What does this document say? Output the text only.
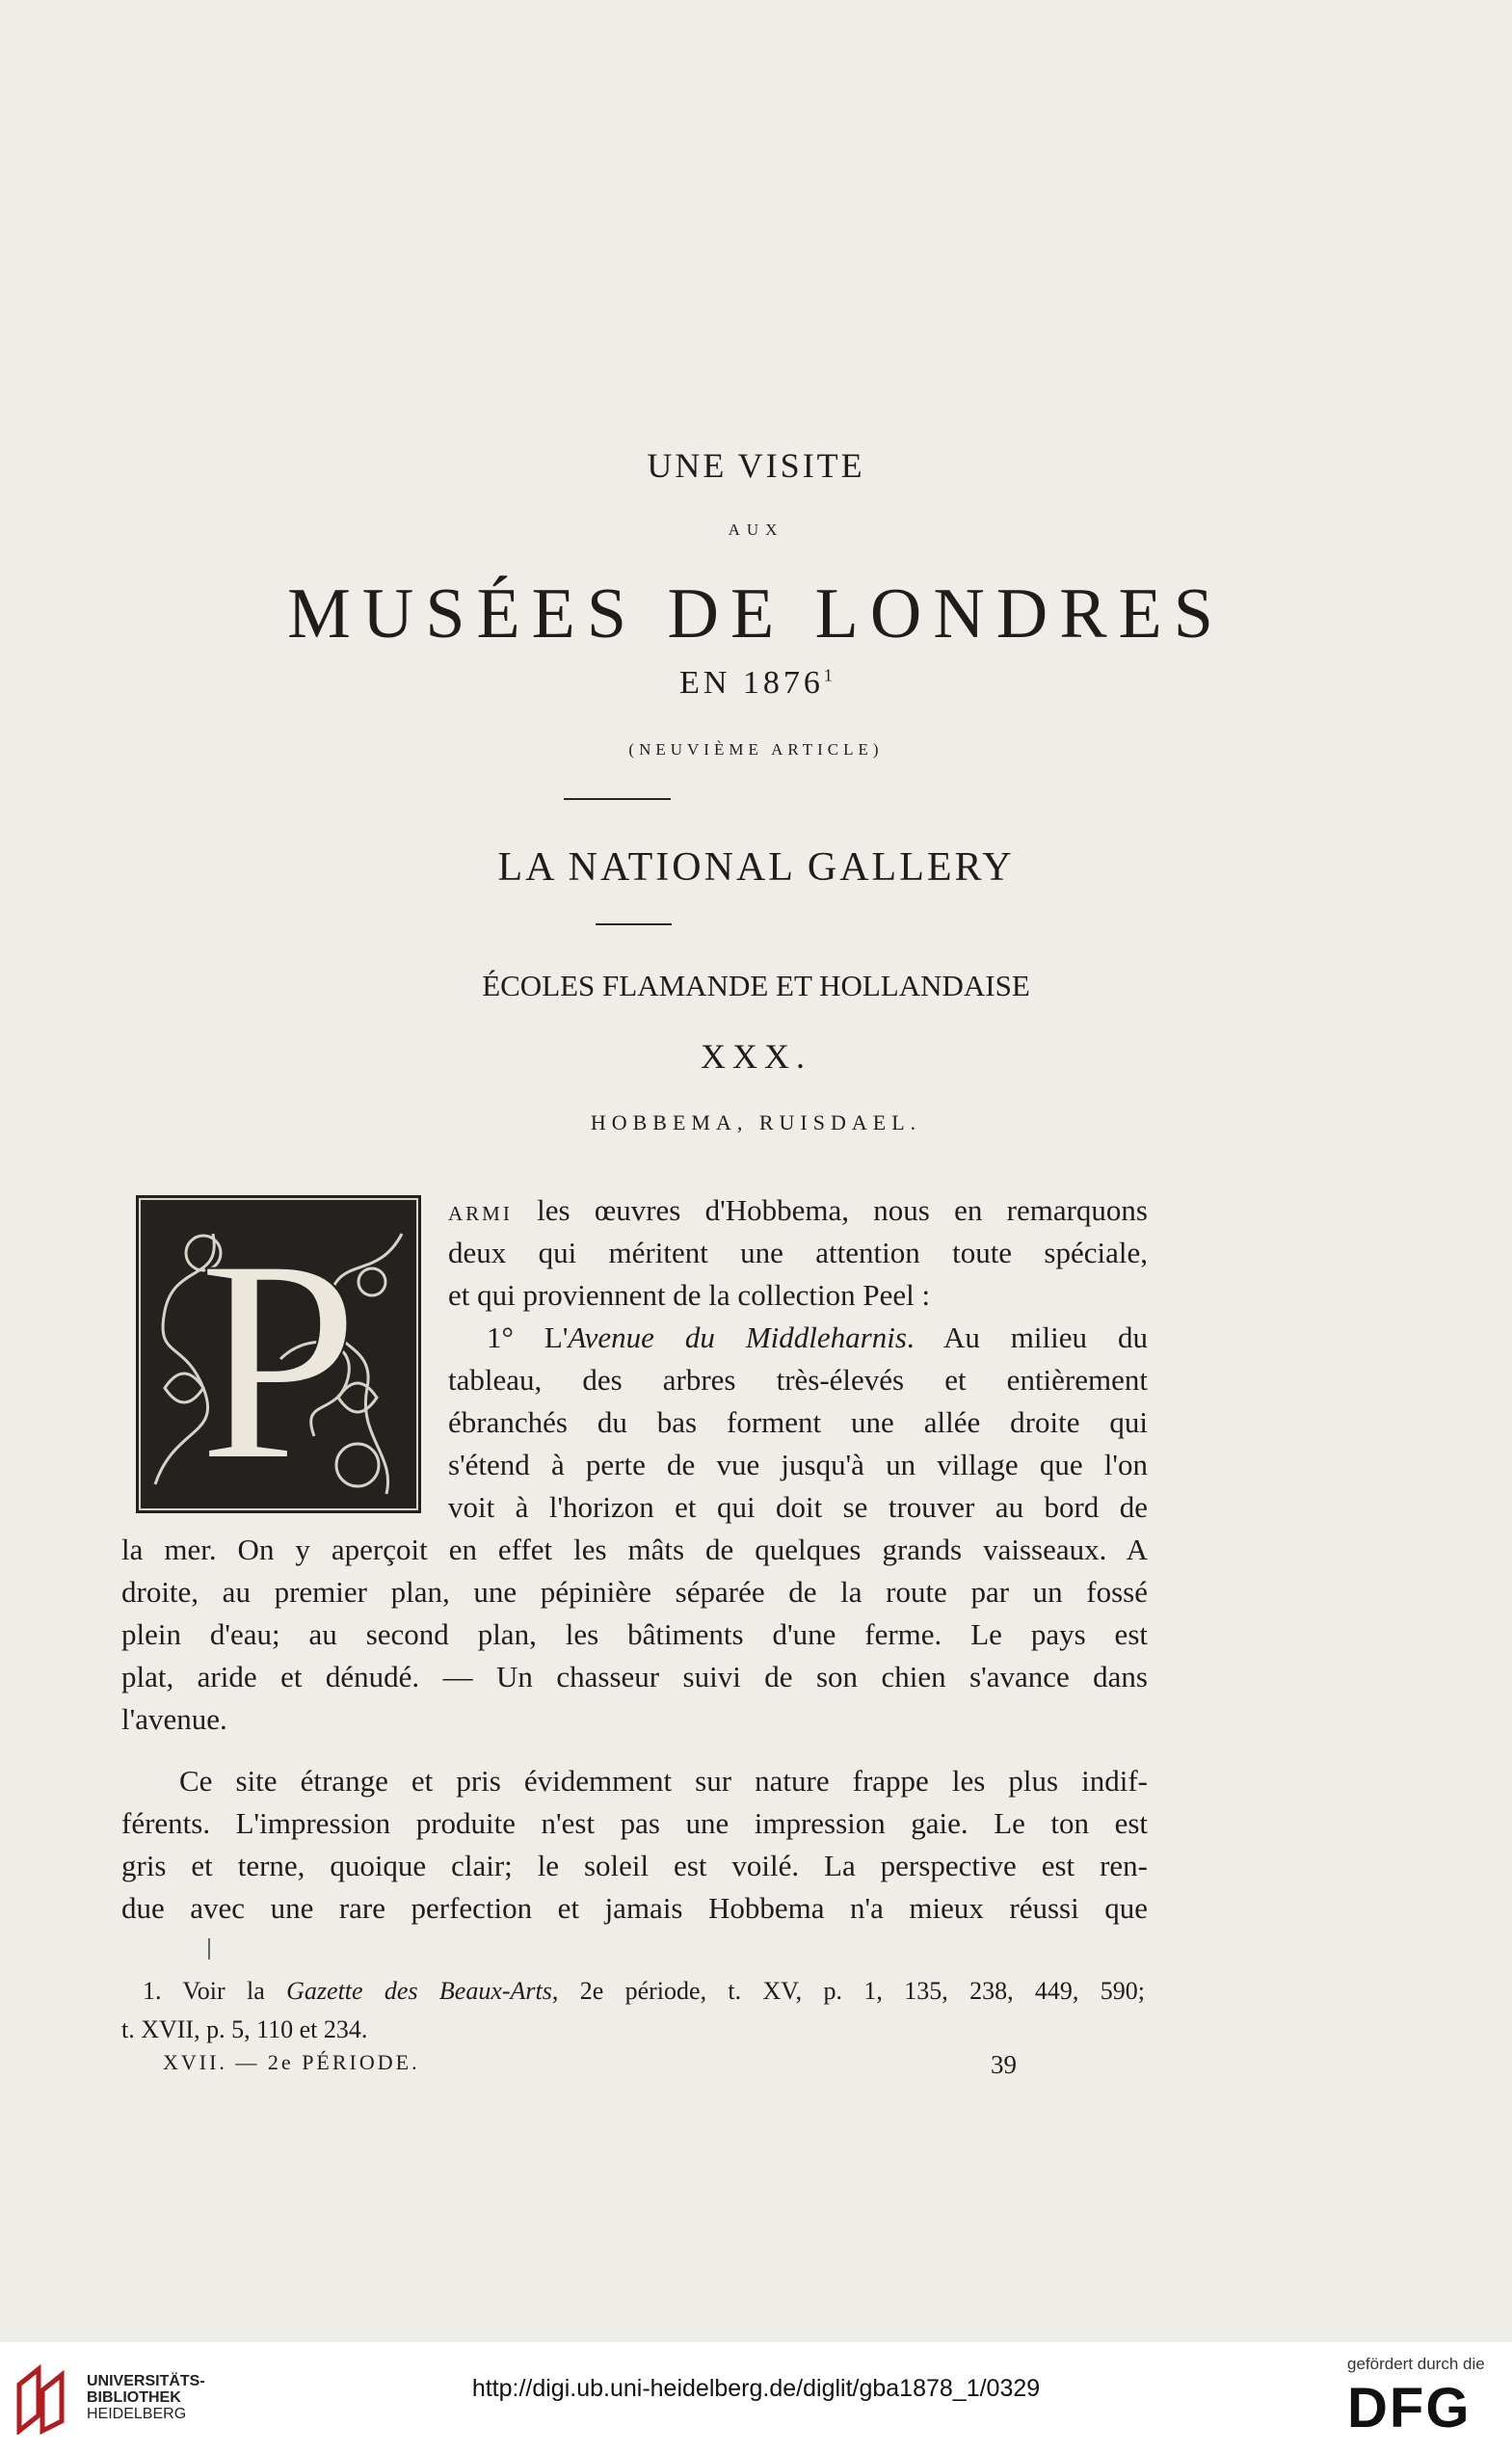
UNE VISITE
AUX
MUSÉES DE LONDRES
EN 1876$^1$
(NEUVIÈME ARTICLE)
LA NATIONAL GALLERY
ÉCOLES FLAMANDE ET HOLLANDAISE
XXX.
HOBBEMA, RUISDAEL.
P	ARMI les œuvres d'Hobbema, nous en remarquons
deux qui méritent une attention toute spéciale,
et qui proviennent de la collection Peel :
1° L'Avenue du Middleharnis. Au milieu du
tableau, des arbres très-élevés et entièrement
ébranchés du bas forment une allée droite qui
s'étend à perte de vue jusqu'à un village que l'on
voit à l'horizon et qui doit se trouver au bord de
la mer. On y aperçoit en effet les mâts de quelques grands vaisseaux. A
droite, au premier plan, une pépinière séparée de la route par un fossé
plein d'eau; au second plan, les bâtiments d'une ferme. Le pays est
plat, aride et dénudé. — Un chasseur suivi de son chien s'avance dans
l'avenue.
Ce site étrange et pris évidemment sur nature frappe les plus indif-
férents. L'impression produite n'est pas une impression gaie. Le ton est
gris et terne, quoique clair; le soleil est voilé. La perspective est ren-
due avec une rare perfection et jamais Hobbema n'a mieux réussi que
1. Voir la Gazette des Beaux-Arts, 2e période, t. XV, p. 1, 135, 238, 449, 590;
t. XVII, p. 5, 110 et 234.
XVII. — 2e PÉRIODE.	39
UNIVERSITÄTS-
BIBLIOTHEK
HEIDELBERG
http://digi.ub.uni-heidelberg.de/diglit/gba1878_1/0329
gefördert durch die
DFG
